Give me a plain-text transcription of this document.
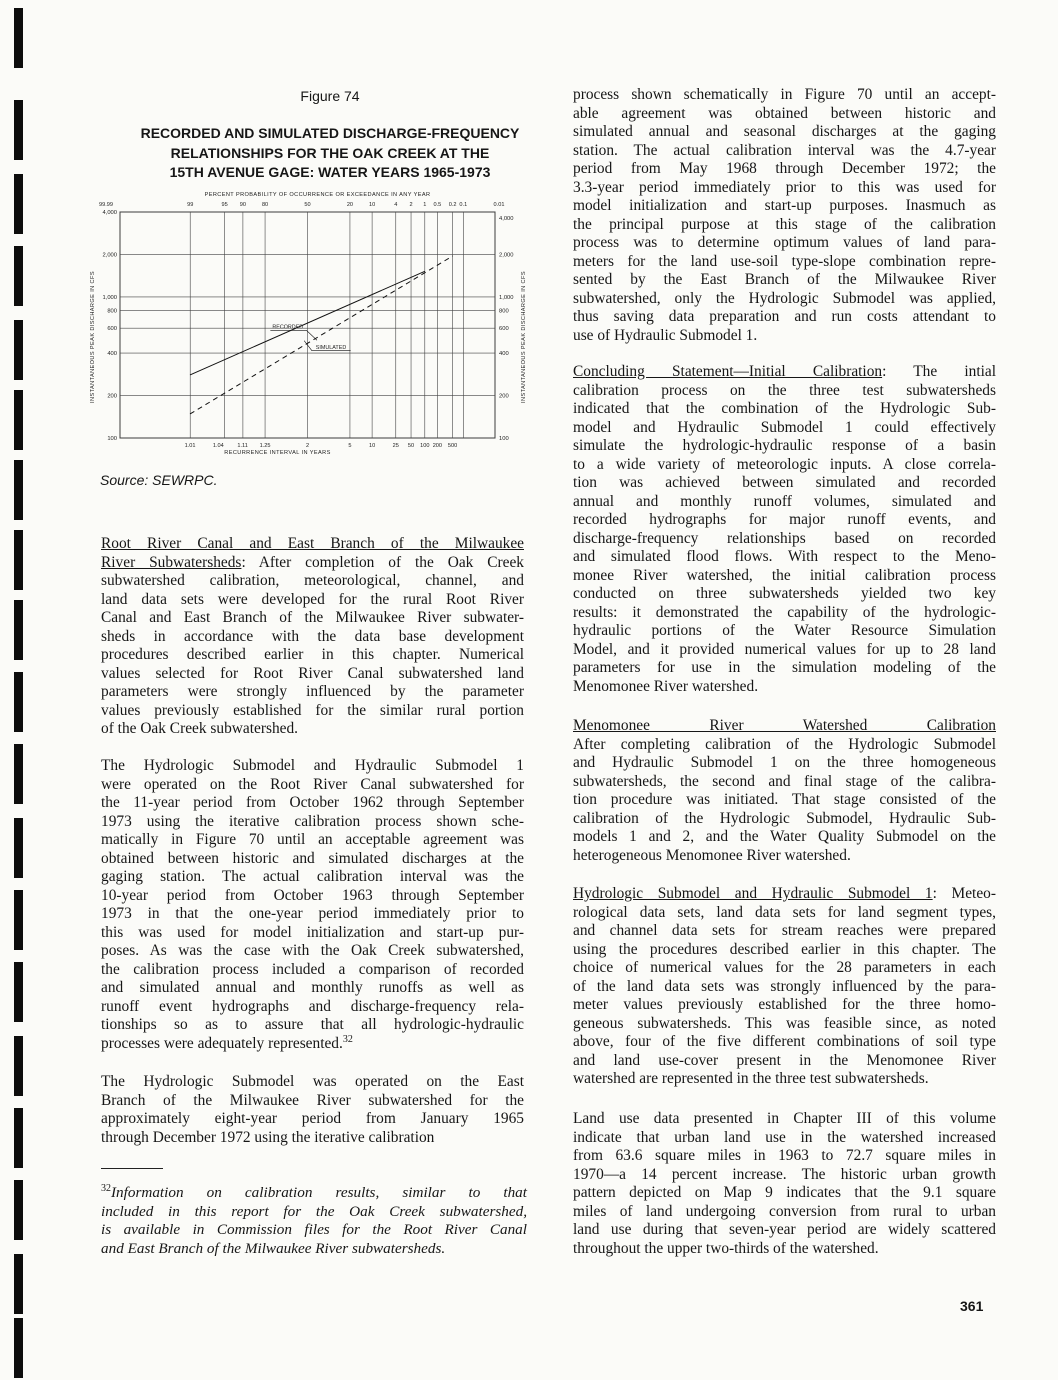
Figure 74
RECORDED AND SIMULATED DISCHARGE-FREQUENCY
RELATIONSHIPS FOR THE OAK CREEK AT THE
15TH AVENUE GAGE: WATER YEARS 1965-1973
PERCENT PROBABILITY OF OCCURRENCE OR EXCEEDANCE IN ANY YEAR
99.99	99	95 90	80	50	20	10	4 2 1 0.5 0.2 0.1	0.01
100	100
200	200
400	400
600	600
800	800
1,000	1,000
2,000	2,000
4,000
4,000
1.01	1.04 1.11 1.25	2	5	10	25 50 100 200 500
RECURRENCE INTERVAL IN YEARS
INSTANTANEOUS PEAK DISCHARGE IN CFS	INSTANTANEOUS PEAK DISCHARGE IN CFS
RECORDED
SIMULATED
Source: SEWRPC.
Root River Canal and East Branch of the Milwaukee
River Subwatersheds: After completion of the Oak Creek
subwatershed calibration, meteorological, channel, and
land data sets were developed for the rural Root River
Canal and East Branch of the Milwaukee River subwater-
sheds in accordance with the data base development
procedures described earlier in this chapter. Numerical
values selected for Root River Canal subwatershed land
parameters were strongly influenced by the parameter
values previously established for the similar rural portion
of the Oak Creek subwatershed.
The Hydrologic Submodel and Hydraulic Submodel 1
were operated on the Root River Canal subwatershed for
the 11-year period from October 1962 through September
1973 using the iterative calibration process shown sche-
matically in Figure 70 until an acceptable agreement was
obtained between historic and simulated discharges at the
gaging station. The actual calibration interval was the
10-year period from October 1963 through September
1973 in that the one-year period immediately prior to
this was used for model initialization and start-up pur-
poses. As was the case with the Oak Creek subwatershed,
the calibration process included a comparison of recorded
and simulated annual and monthly runoffs as well as
runoff event hydrographs and discharge-frequency rela-
tionships so as to assure that all hydrologic-hydraulic
processes were adequately represented.$^{32}$
The Hydrologic Submodel was operated on the East
Branch of the Milwaukee River subwatershed for the
approximately eight-year period from January 1965
through December 1972 using the iterative calibration
process shown schematically in Figure 70 until an accept-
able agreement was obtained between historic and
simulated annual and seasonal discharges at the gaging
station. The actual calibration interval was the 4.7-year
period from May 1968 through December 1972; the
3.3-year period immediately prior to this was used for
model initialization and start-up purposes. Inasmuch as
the principal purpose at this stage of the calibration
process was to determine optimum values of land para-
meters for the land use-soil type-slope combination repre-
sented by the East Branch of the Milwaukee River
subwatershed, only the Hydrologic Submodel was applied,
thus saving data preparation and run costs attendant to
use of Hydraulic Submodel 1.
Concluding Statement—Initial Calibration: The intial
calibration process on the three test subwatersheds
indicated that the combination of the Hydrologic Sub-
model and Hydraulic Submodel 1 could effectively
simulate the hydrologic-hydraulic response of a basin
to a wide variety of meteorologic inputs. A close correla-
tion was achieved between simulated and recorded
annual and monthly runoff volumes, simulated and
recorded hydrographs for major runoff events, and
discharge-frequency relationships based on recorded
and simulated flood flows. With respect to the Meno-
monee River watershed, the initial calibration process
conducted on three subwatersheds yielded two key
results: it demonstrated the capability of the hydrologic-
hydraulic portions of the Water Resource Simulation
Model, and it provided numerical values for up to 28 land
parameters for use in the simulation modeling of the
Menomonee River watershed.
Menomonee River Watershed Calibration
After completing calibration of the Hydrologic Submodel
and Hydraulic Submodel 1 on the three homogeneous
subwatersheds, the second and final stage of the calibra-
tion procedure was initiated. That stage consisted of the
calibration of the Hydrologic Submodel, Hydraulic Sub-
models 1 and 2, and the Water Quality Submodel on the
heterogeneous Menomonee River watershed.
Hydrologic Submodel and Hydraulic Submodel 1: Meteo-
rological data sets, land data sets for land segment types,
and channel data sets for stream reaches were prepared
using the procedures described earlier in this chapter. The
choice of numerical values for the 28 parameters in each
of the land data sets was strongly influenced by the para-
meter values previously established for the three homo-
geneous subwatersheds. This was feasible since, as noted
above, four of the five different combinations of soil type
and land use-cover present in the Menomonee River
watershed are represented in the three test subwatersheds.
Land use data presented in Chapter III of this volume
indicate that urban land use in the watershed increased
from 63.6 square miles in 1963 to 72.7 square miles in
1970—a 14 percent increase. The historic urban growth
pattern depicted on Map 9 indicates that the 9.1 square
miles of land undergoing conversion from rural to urban
land use during that seven-year period are widely scattered
throughout the upper two-thirds of the watershed.
$^{32}$Information on calibration results, similar to that
included in this report for the Oak Creek subwatershed,
is available in Commission files for the Root River Canal
and East Branch of the Milwaukee River subwatersheds.
361
